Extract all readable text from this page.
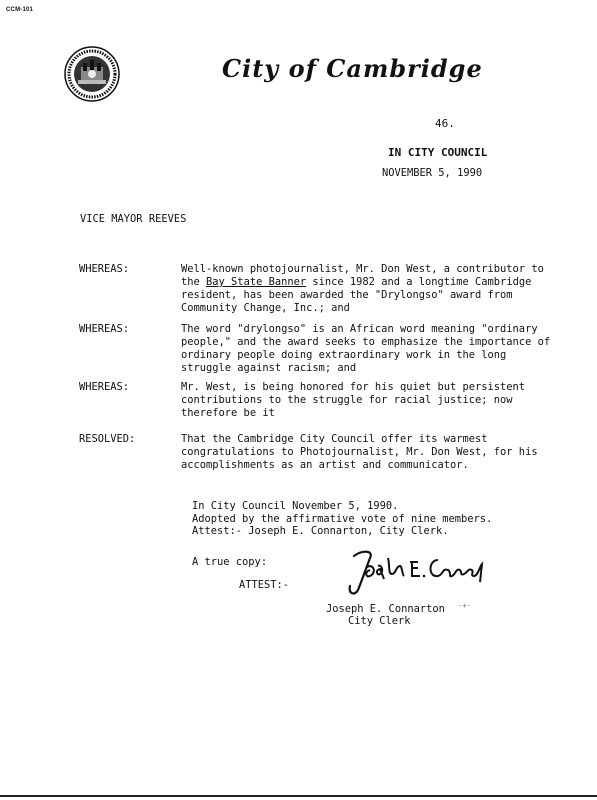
CCM-101
City of Cambridge
46.
IN CITY COUNCIL
NOVEMBER 5, 1990
VICE MAYOR REEVES
WHEREAS:	Well-known photojournalist, Mr. Don West, a contributor to
the Bay State Banner since 1982 and a longtime Cambridge
resident, has been awarded the "Drylongso" award from
Community Change, Inc.; and
WHEREAS:	The word "drylongso" is an African word meaning "ordinary
people," and the award seeks to emphasize the importance of
ordinary people doing extraordinary work in the long
struggle against racism; and
WHEREAS:	Mr. West, is being honored for his quiet but persistent
contributions to the struggle for racial justice; now
therefore be it
RESOLVED:	That the Cambridge City Council offer its warmest
congratulations to Photojournalist, Mr. Don West, for his
accomplishments as an artist and communicator.
In City Council November 5, 1990.
Adopted by the affirmative vote of nine members.
Attest:- Joseph E. Connarton, City Clerk.
A true copy:
ATTEST:-
Joseph E. Connarton
City Clerk
-+-
